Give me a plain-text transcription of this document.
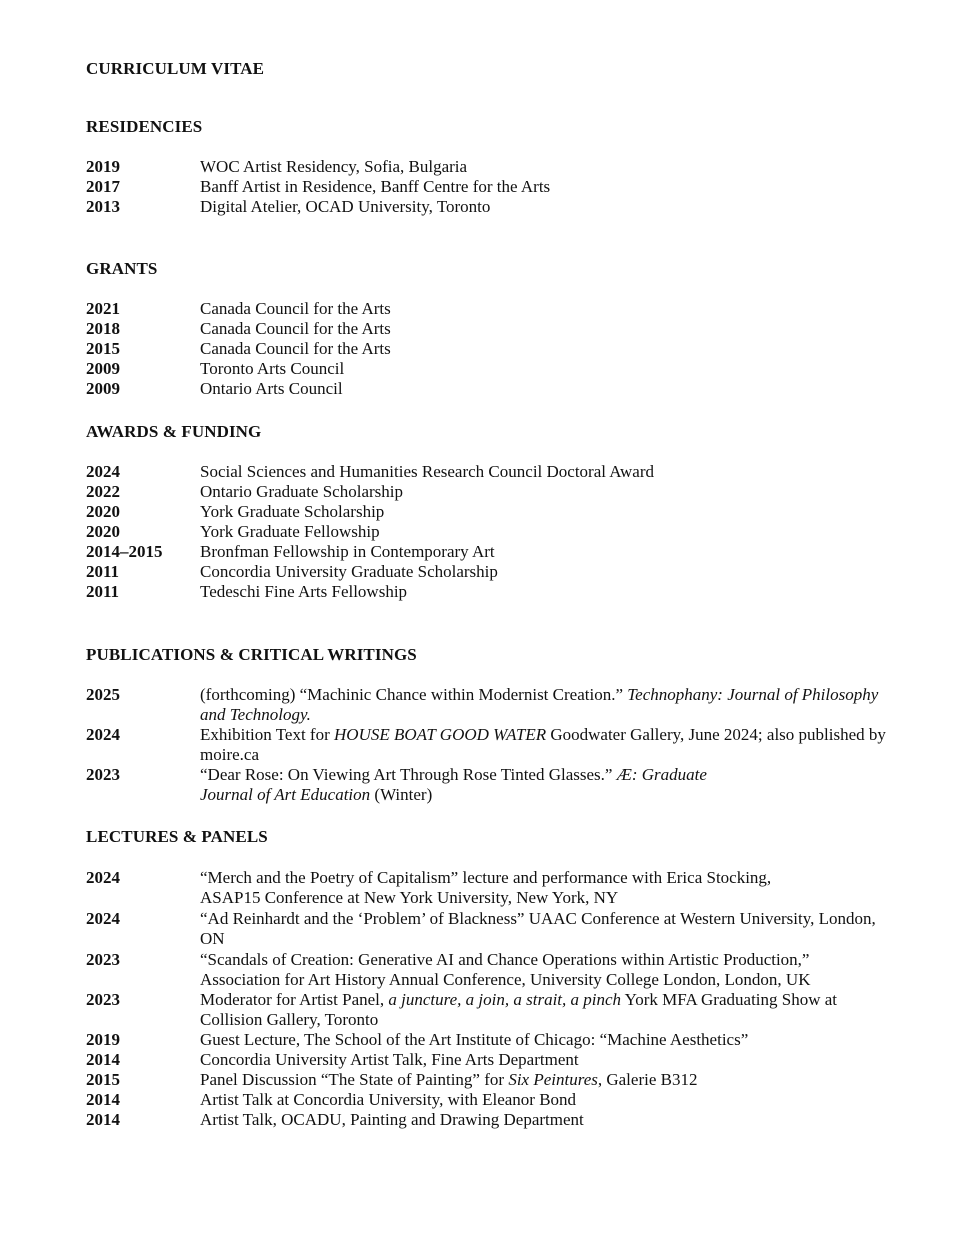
CURRICULUM VITAE
RESIDENCIES
2019	WOC Artist Residency, Sofia, Bulgaria
2017	Banff Artist in Residence, Banff Centre for the Arts
2013	Digital Atelier, OCAD University, Toronto
GRANTS
2021	Canada Council for the Arts
2018	Canada Council for the Arts
2015	Canada Council for the Arts
2009	Toronto Arts Council
2009	Ontario Arts Council
AWARDS & FUNDING
2024	Social Sciences and Humanities Research Council Doctoral Award
2022	Ontario Graduate Scholarship
2020	York Graduate Scholarship
2020	York Graduate Fellowship
2014–2015 Bronfman Fellowship in Contemporary Art
2011	Concordia University Graduate Scholarship
2011	Tedeschi Fine Arts Fellowship
PUBLICATIONS & CRITICAL WRITINGS
2025	(forthcoming) “Machinic Chance within Modernist Creation.” Technophany: Journal of Philosophy and Technology.
2024	Exhibition Text for HOUSE BOAT GOOD WATER Goodwater Gallery, June 2024; also published by moire.ca
2023	“Dear Rose: On Viewing Art Through Rose Tinted Glasses.” Æ: Graduate
Journal of Art Education (Winter)
LECTURES & PANELS
2024	“Merch and the Poetry of Capitalism” lecture and performance with Erica Stocking,
ASAP15 Conference at New York University, New York, NY
2024	“Ad Reinhardt and the ‘Problem’ of Blackness” UAAC Conference at Western University, London, ON
2023	“Scandals of Creation: Generative AI and Chance Operations within Artistic Production,”
Association for Art History Annual Conference, University College London, London, UK
2023	Moderator for Artist Panel, a juncture, a join, a strait, a pinch York MFA Graduating Show at Collision Gallery, Toronto
2019	Guest Lecture, The School of the Art Institute of Chicago: “Machine Aesthetics”
2014	Concordia University Artist Talk, Fine Arts Department
2015	Panel Discussion “The State of Painting” for Six Peintures, Galerie B312
2014	Artist Talk at Concordia University, with Eleanor Bond
2014	Artist Talk, OCADU, Painting and Drawing Department
